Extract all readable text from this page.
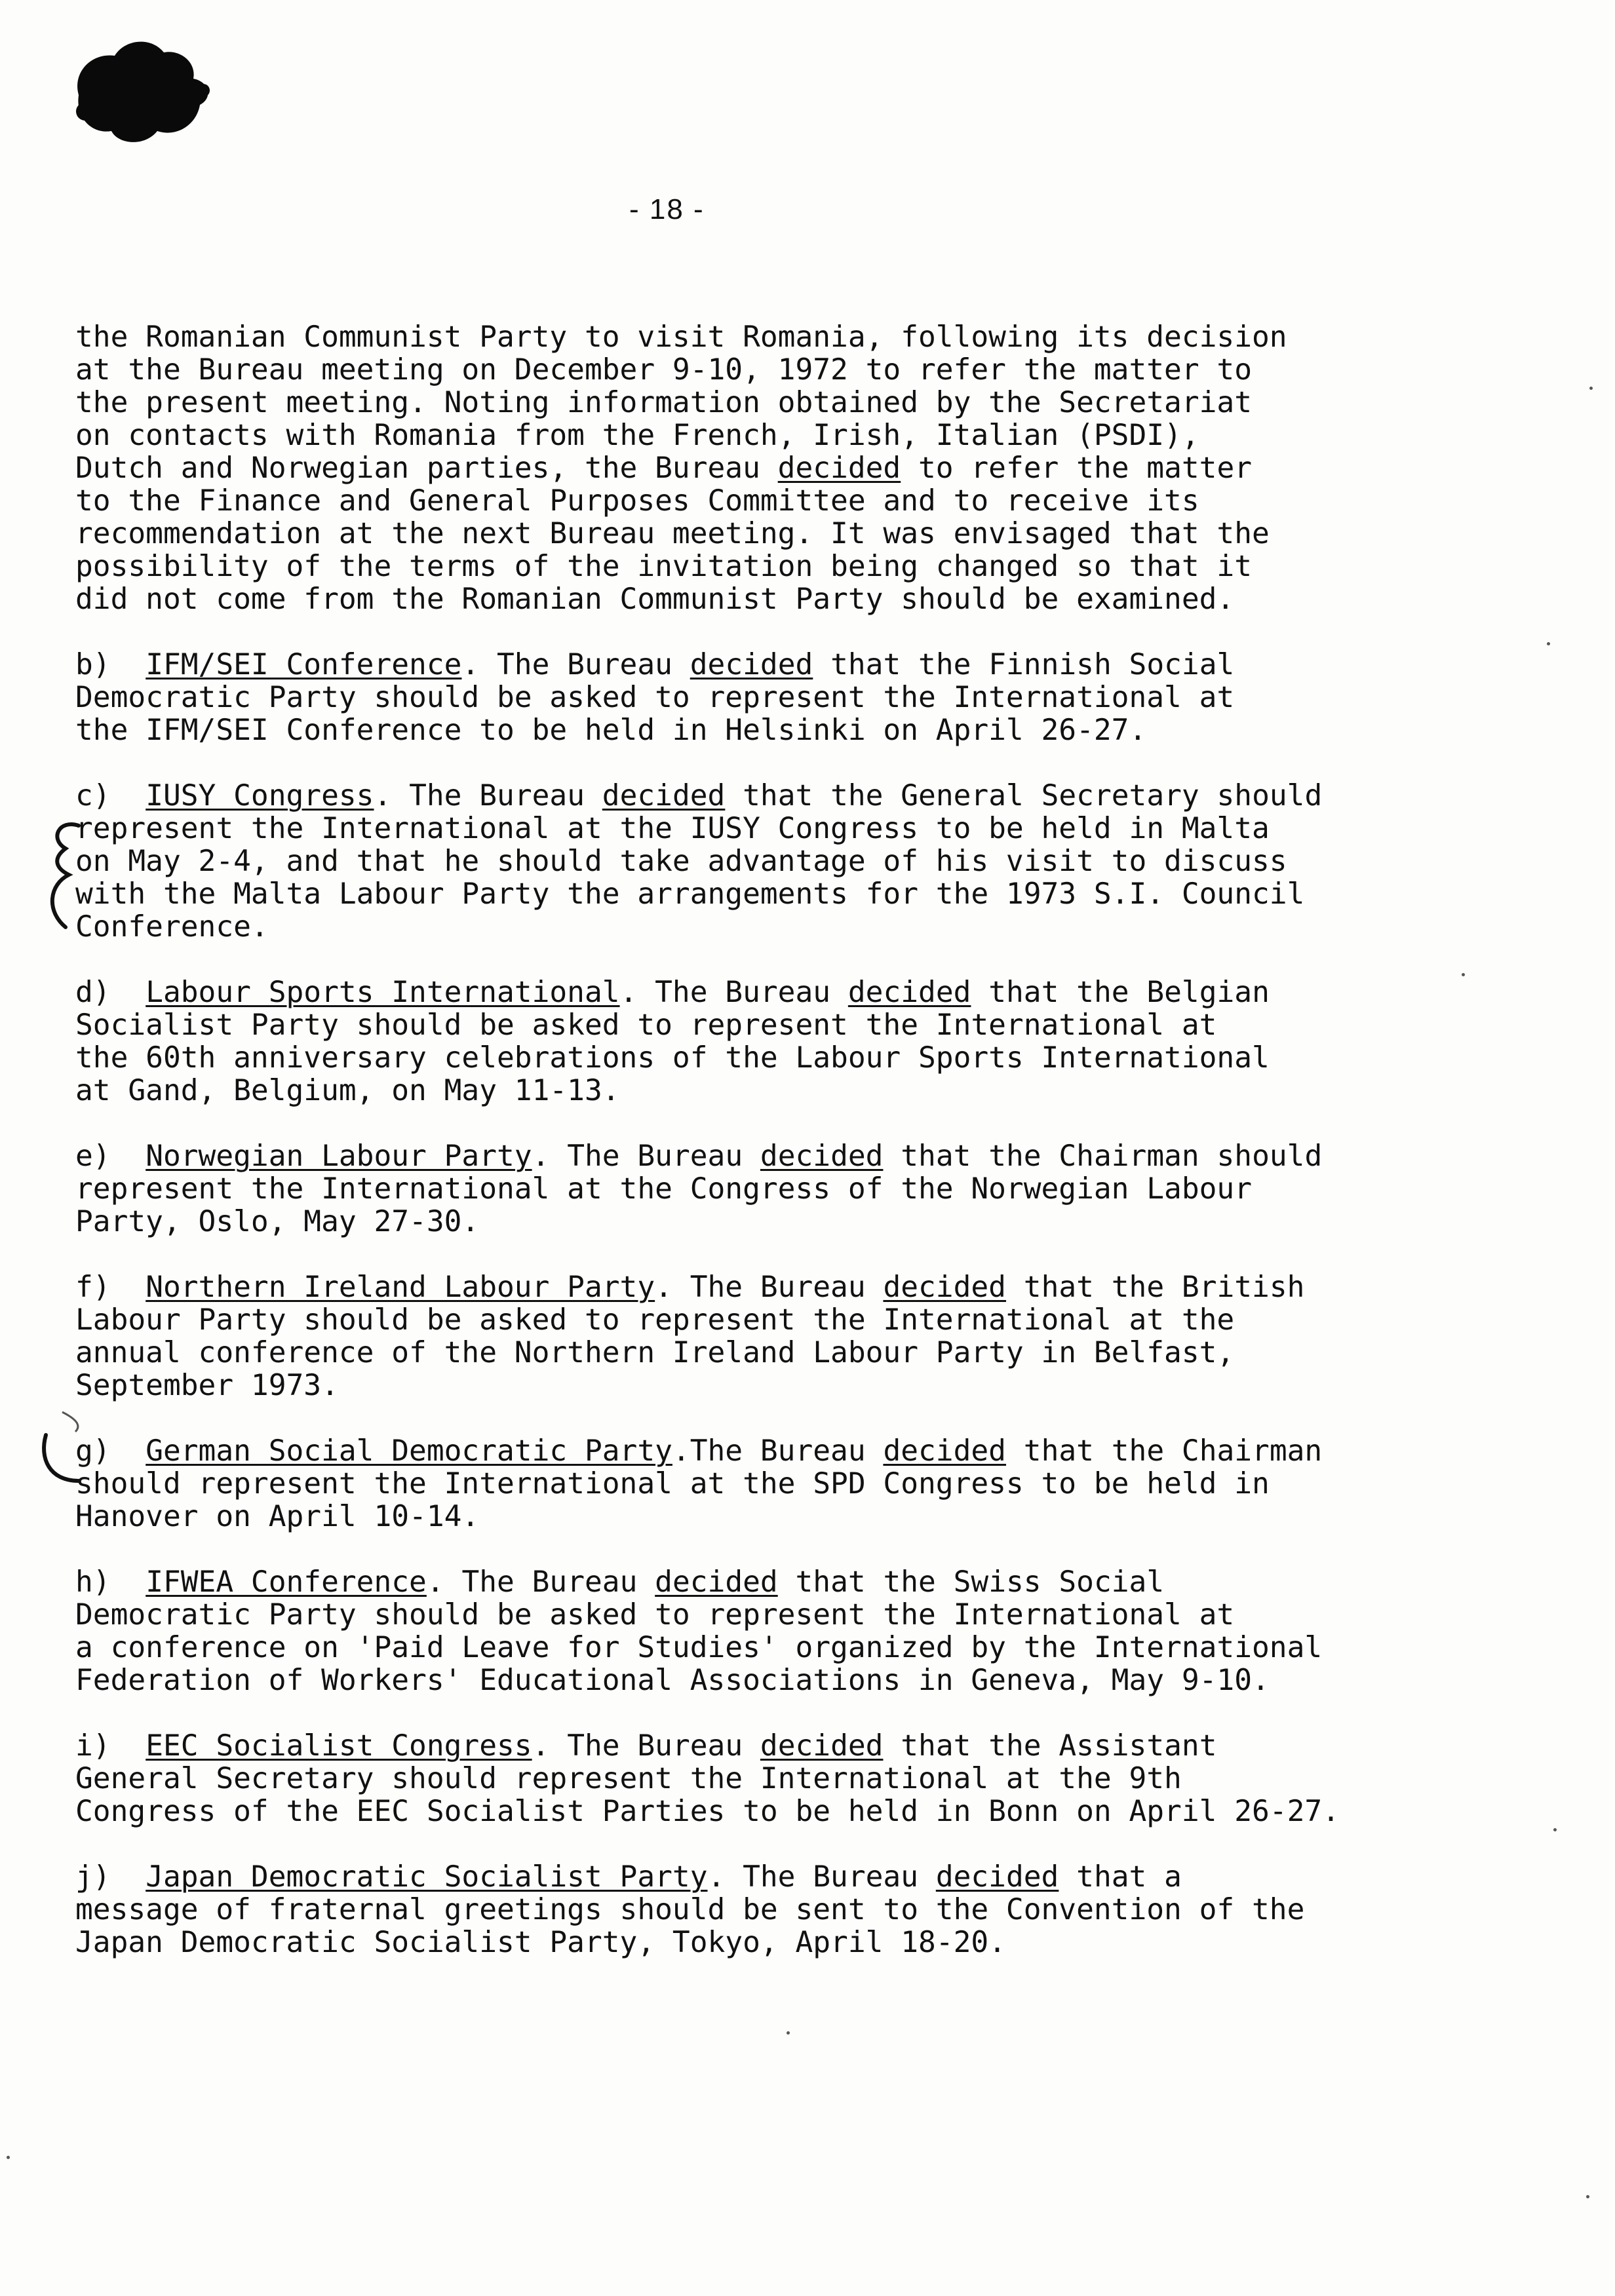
- 18 -
the Romanian Communist Party to visit Romania, following its decision
at the Bureau meeting on December 9-10, 1972 to refer the matter to
the present meeting. Noting information obtained by the Secretariat
on contacts with Romania from the French, Irish, Italian (PSDI),
Dutch and Norwegian parties, the Bureau decided to refer the matter
to the Finance and General Purposes Committee and to receive its
recommendation at the next Bureau meeting. It was envisaged that the
possibility of the terms of the invitation being changed so that it
did not come from the Romanian Communist Party should be examined.
b) IFM/SEI Conference. The Bureau decided that the Finnish Social
Democratic Party should be asked to represent the International at
the IFM/SEI Conference to be held in Helsinki on April 26-27.
c) IUSY Congress. The Bureau decided that the General Secretary should
represent the International at the IUSY Congress to be held in Malta
on May 2-4, and that he should take advantage of his visit to discuss
with the Malta Labour Party the arrangements for the 1973 S.I. Council
Conference.
d) Labour Sports International. The Bureau decided that the Belgian
Socialist Party should be asked to represent the International at
the 60th anniversary celebrations of the Labour Sports International
at Gand, Belgium, on May 11-13.
e) Norwegian Labour Party. The Bureau decided that the Chairman should
represent the International at the Congress of the Norwegian Labour
Party, Oslo, May 27-30.
f) Northern Ireland Labour Party. The Bureau decided that the British
Labour Party should be asked to represent the International at the
annual conference of the Northern Ireland Labour Party in Belfast,
September 1973.
g) German Social Democratic Party.The Bureau decided that the Chairman
should represent the International at the SPD Congress to be held in
Hanover on April 10-14.
h) IFWEA Conference. The Bureau decided that the Swiss Social
Democratic Party should be asked to represent the International at
a conference on 'Paid Leave for Studies' organized by the International
Federation of Workers' Educational Associations in Geneva, May 9-10.
i) EEC Socialist Congress. The Bureau decided that the Assistant
General Secretary should represent the International at the 9th
Congress of the EEC Socialist Parties to be held in Bonn on April 26-27.
j) Japan Democratic Socialist Party. The Bureau decided that a
message of fraternal greetings should be sent to the Convention of the
Japan Democratic Socialist Party, Tokyo, April 18-20.
